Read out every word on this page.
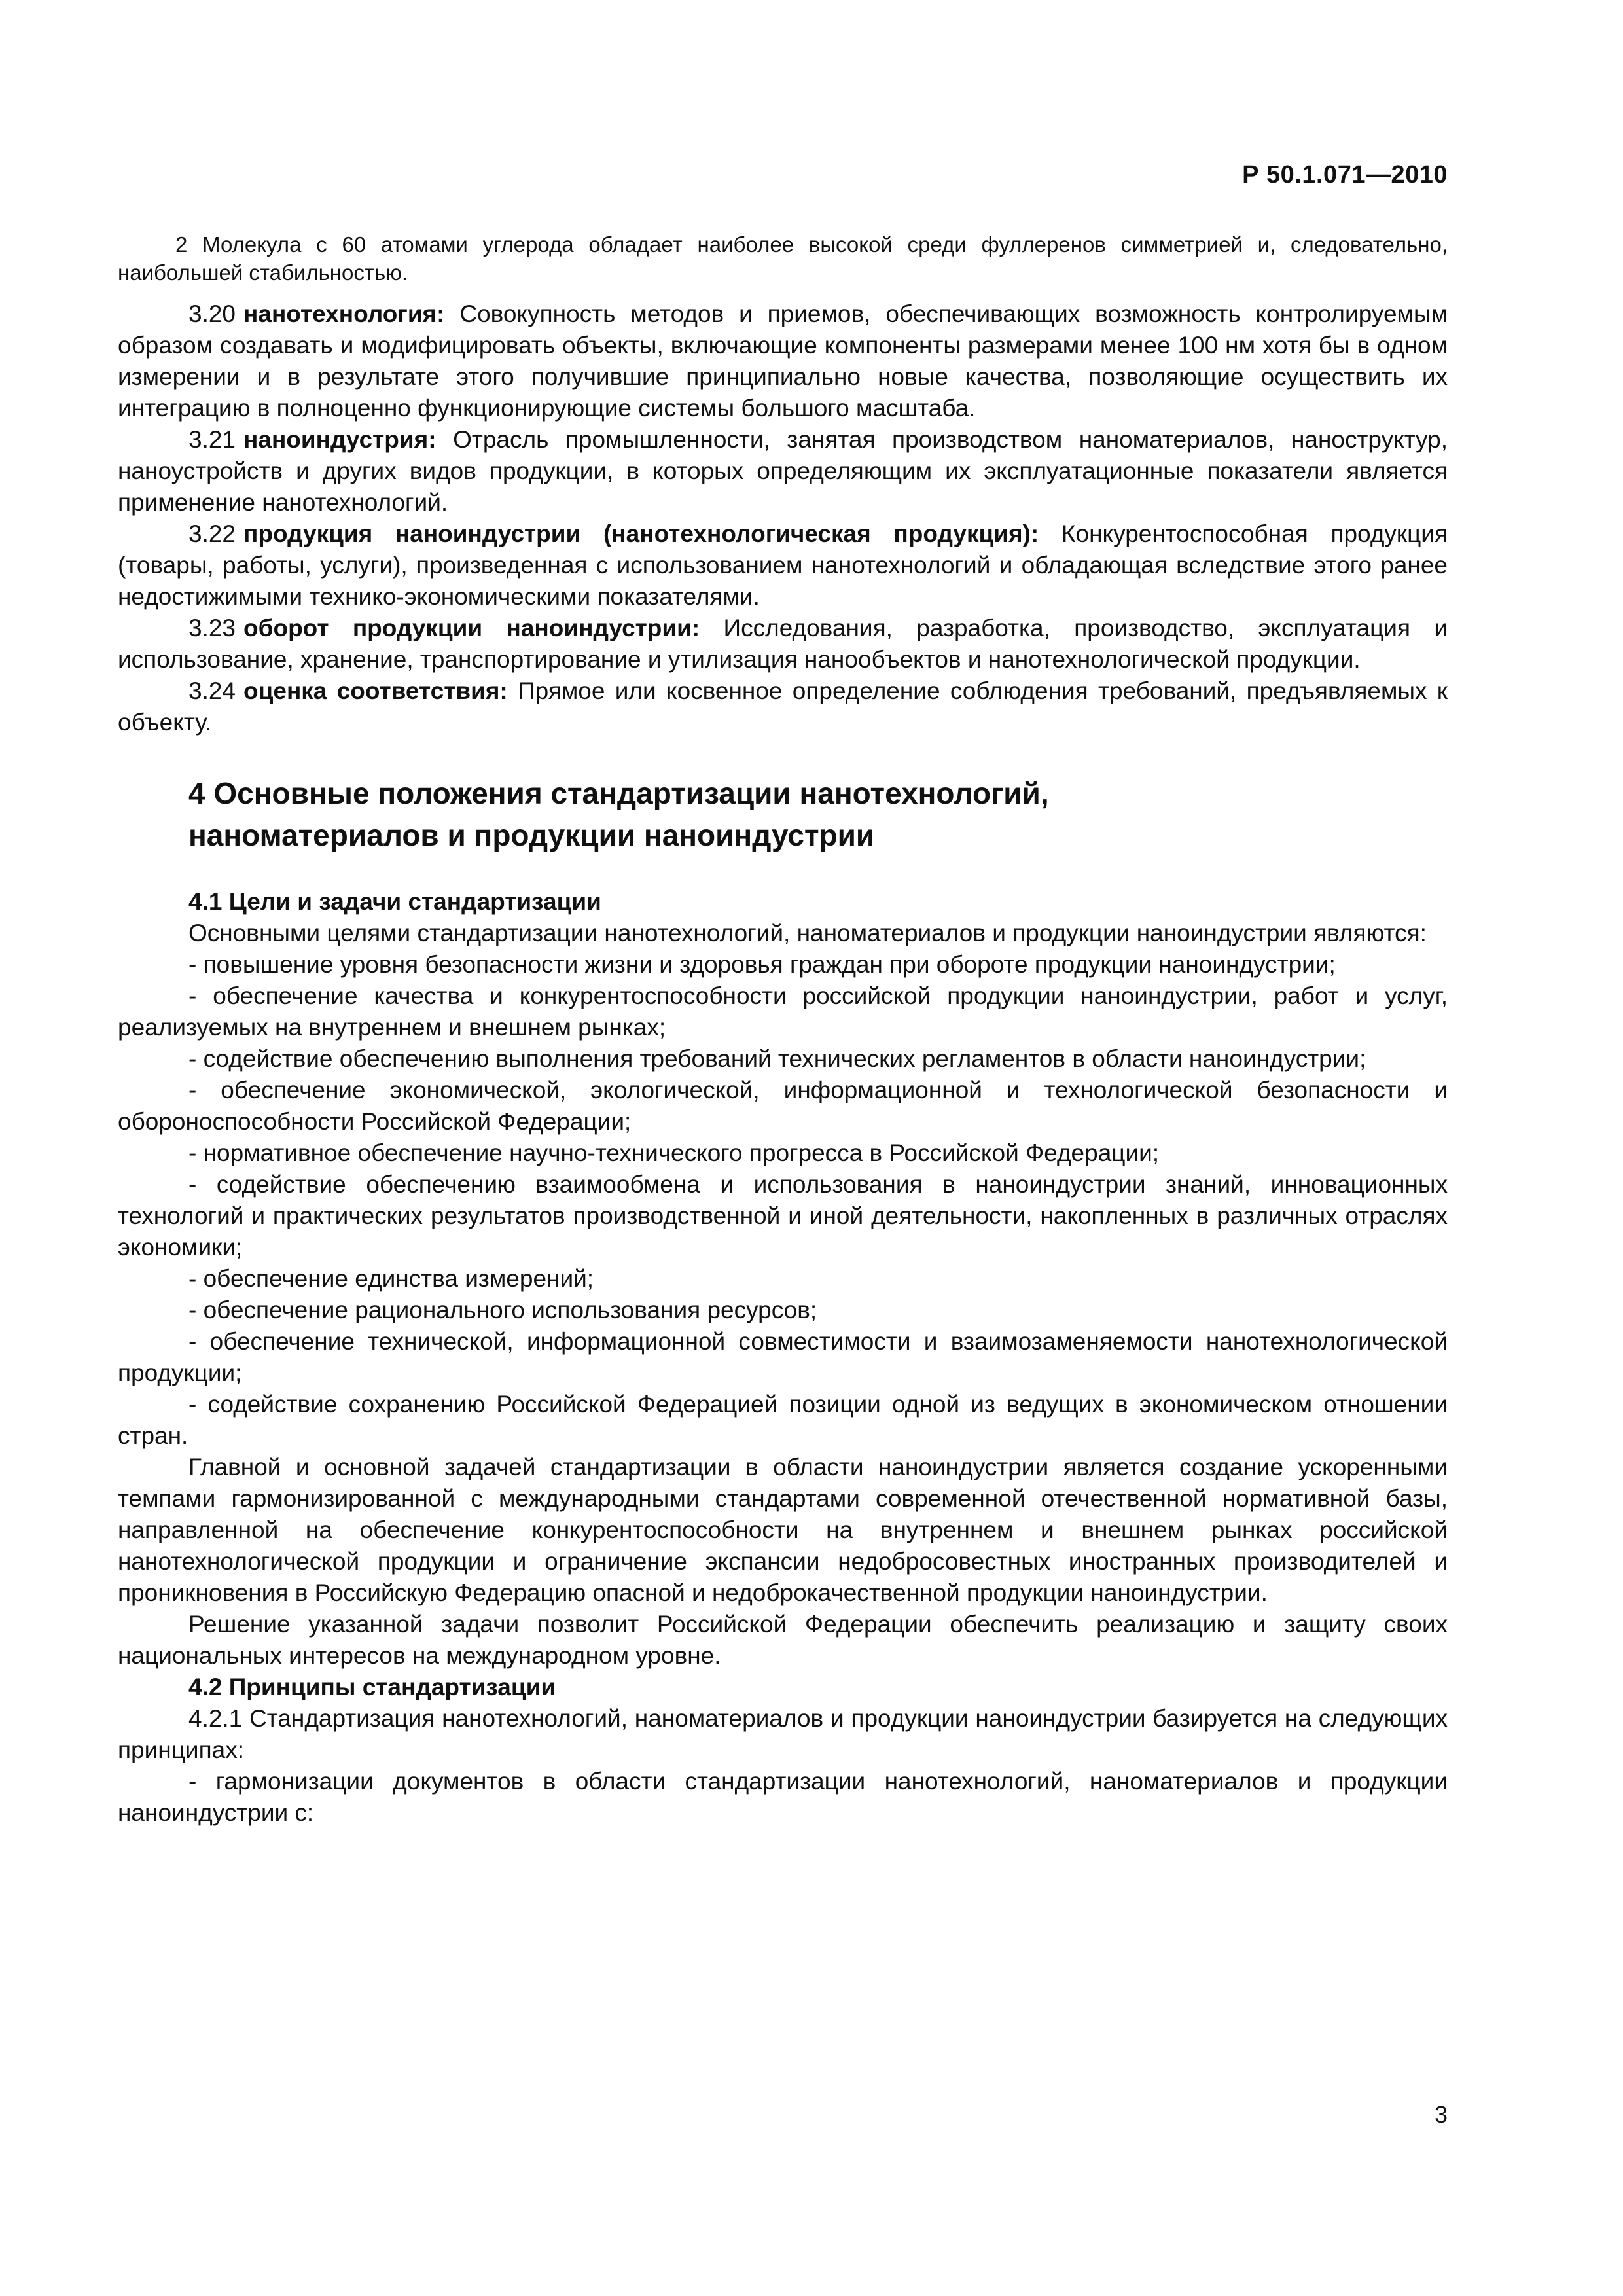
Р 50.1.071—2010

2 Молекула с 60 атомами углерода обладает наиболее высокой среди фуллеренов симметрией и, следовательно, наибольшей стабильностью.

3.20 нанотехнология: Совокупность методов и приемов, обеспечивающих возможность контролируемым образом создавать и модифицировать объекты, включающие компоненты размерами менее 100 нм хотя бы в одном измерении и в результате этого получившие принципиально новые качества, позволяющие осуществить их интеграцию в полноценно функционирующие системы большого масштаба.

3.21 наноиндустрия: Отрасль промышленности, занятая производством наноматериалов, наноструктур, наноустройств и других видов продукции, в которых определяющим их эксплуатационные показатели является применение нанотехнологий.

3.22 продукция наноиндустрии (нанотехнологическая продукция): Конкурентоспособная продукция (товары, работы, услуги), произведенная с использованием нанотехнологий и обладающая вследствие этого ранее недостижимыми технико-экономическими показателями.

3.23 оборот продукции наноиндустрии: Исследования, разработка, производство, эксплуатация и использование, хранение, транспортирование и утилизация нанообъектов и нанотехнологической продукции.

3.24 оценка соответствия: Прямое или косвенное определение соблюдения требований, предъявляемых к объекту.

4 Основные положения стандартизации нанотехнологий,
наноматериалов и продукции наноиндустрии

4.1 Цели и задачи стандартизации

Основными целями стандартизации нанотехнологий, наноматериалов и продукции наноиндустрии являются:

- повышение уровня безопасности жизни и здоровья граждан при обороте продукции наноиндустрии;

- обеспечение качества и конкурентоспособности российской продукции наноиндустрии, работ и услуг, реализуемых на внутреннем и внешнем рынках;

- содействие обеспечению выполнения требований технических регламентов в области наноиндустрии;

- обеспечение экономической, экологической, информационной и технологической безопасности и обороноспособности Российской Федерации;

- нормативное обеспечение научно-технического прогресса в Российской Федерации;

- содействие обеспечению взаимообмена и использования в наноиндустрии знаний, инновационных технологий и практических результатов производственной и иной деятельности, накопленных в различных отраслях экономики;

- обеспечение единства измерений;

- обеспечение рационального использования ресурсов;

- обеспечение технической, информационной совместимости и взаимозаменяемости нанотехнологической продукции;

- содействие сохранению Российской Федерацией позиции одной из ведущих в экономическом отношении стран.

Главной и основной задачей стандартизации в области наноиндустрии является создание ускоренными темпами гармонизированной с международными стандартами современной отечественной нормативной базы, направленной на обеспечение конкурентоспособности на внутреннем и внешнем рынках российской нанотехнологической продукции и ограничение экспансии недобросовестных иностранных производителей и проникновения в Российскую Федерацию опасной и недоброкачественной продукции наноиндустрии.

Решение указанной задачи позволит Российской Федерации обеспечить реализацию и защиту своих национальных интересов на международном уровне.

4.2 Принципы стандартизации

4.2.1 Стандартизация нанотехнологий, наноматериалов и продукции наноиндустрии базируется на следующих принципах:

- гармонизации документов в области стандартизации нанотехнологий, наноматериалов и продукции наноиндустрии с:

3
